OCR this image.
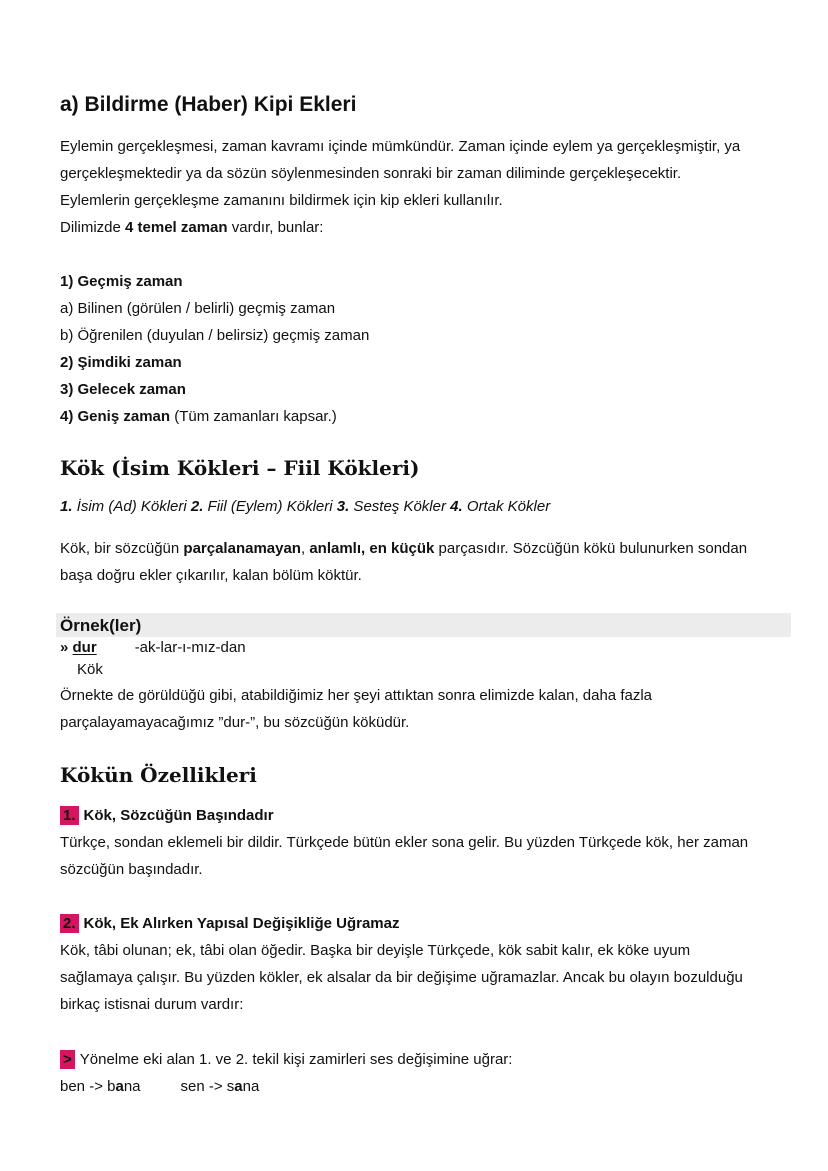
a) Bildirme (Haber) Kipi Ekleri
Eylemin gerçekleşmesi, zaman kavramı içinde mümkündür. Zaman içinde eylem ya gerçekleşmiştir, ya
gerçekleşmektedir ya da sözün söylenmesinden sonraki bir zaman diliminde gerçekleşecektir.
Eylemlerin gerçekleşme zamanını bildirmek için kip ekleri kullanılır.
Dilimizde 4 temel zaman vardır, bunlar:
1) Geçmiş zaman
a) Bilinen (görülen / belirli) geçmiş zaman
b) Öğrenilen (duyulan / belirsiz) geçmiş zaman
2) Şimdiki zaman
3) Gelecek zaman
4) Geniş zaman (Tüm zamanları kapsar.)
Kök (İsim Kökleri – Fiil Kökleri)
1. İsim (Ad) Kökleri 2. Fiil (Eylem) Kökleri 3. Sesteş Kökler 4. Ortak Kökler
Kök, bir sözcüğün parçalanamayan, anlamlı, en küçük parçasıdır. Sözcüğün kökü bulunurken sondan
başa doğru ekler çıkarılır, kalan bölüm köktür.
Örnek(ler)
» dur	-ak-lar-ı-mız-dan
Kök
Örnekte de görüldüğü gibi, atabildiğimiz her şeyi attıktan sonra elimizde kalan, daha fazla
parçalayamayacağımız ”dur-”, bu sözcüğün köküdür.
Kökün Özellikleri
1. Kök, Sözcüğün Başındadır
Türkçe, sondan eklemeli bir dildir. Türkçede bütün ekler sona gelir. Bu yüzden Türkçede kök, her zaman
sözcüğün başındadır.
2. Kök, Ek Alırken Yapısal Değişikliğe Uğramaz
Kök, tâbi olunan; ek, tâbi olan öğedir. Başka bir deyişle Türkçede, kök sabit kalır, ek köke uyum
sağlamaya çalışır. Bu yüzden kökler, ek alsalar da bir değişime uğramazlar. Ancak bu olayın bozulduğu
birkaç istisnai durum vardır:
> Yönelme eki alan 1. ve 2. tekil kişi zamirleri ses değişimine uğrar:
ben -> bana	sen -> sana
